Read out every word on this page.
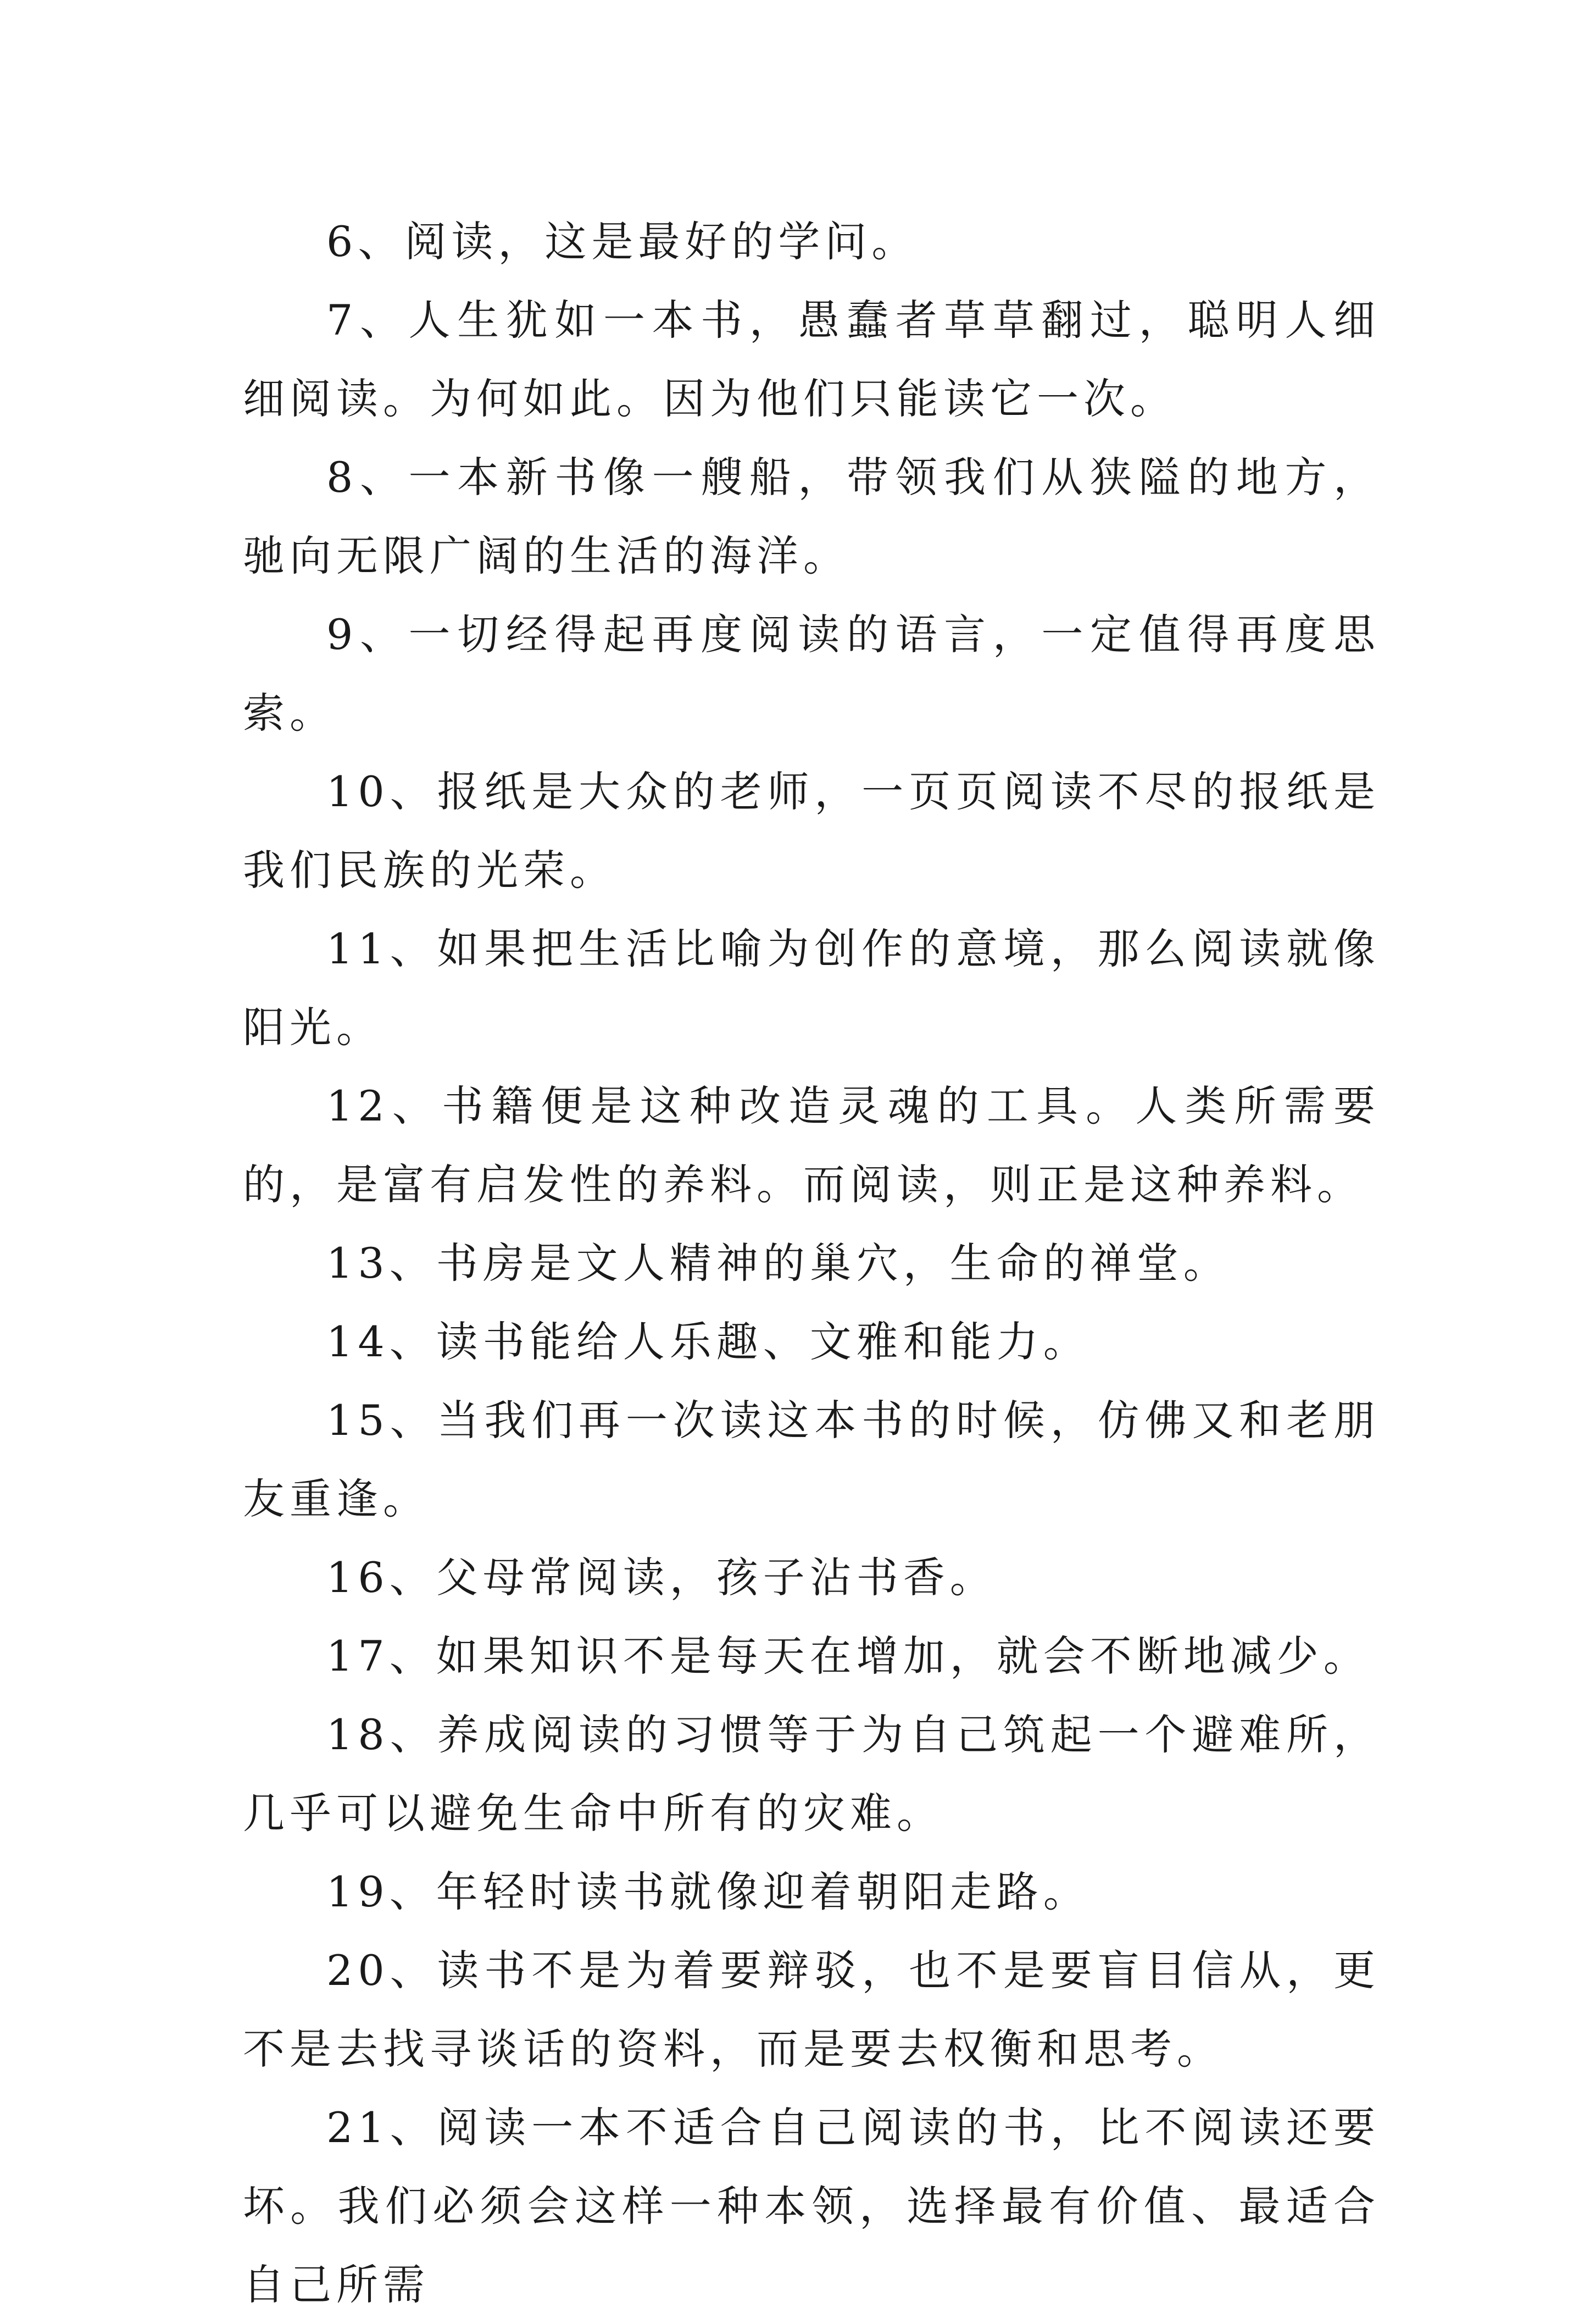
6、阅读，这是最好的学问。

7、人生犹如一本书，愚蠢者草草翻过，聪明人细细阅读。为何如此。因为他们只能读它一次。

8、一本新书像一艘船，带领我们从狭隘的地方，驰向无限广阔的生活的海洋。

9、一切经得起再度阅读的语言，一定值得再度思索。

10、报纸是大众的老师，一页页阅读不尽的报纸是我们民族的光荣。

11、如果把生活比喻为创作的意境，那么阅读就像阳光。

12、书籍便是这种改造灵魂的工具。人类所需要的，是富有启发性的养料。而阅读，则正是这种养料。

13、书房是文人精神的巢穴，生命的禅堂。

14、读书能给人乐趣、文雅和能力。

15、当我们再一次读这本书的时候，仿佛又和老朋友重逢。

16、父母常阅读，孩子沾书香。

17、如果知识不是每天在增加，就会不断地减少。

18、养成阅读的习惯等于为自己筑起一个避难所，几乎可以避免生命中所有的灾难。

19、年轻时读书就像迎着朝阳走路。

20、读书不是为着要辩驳，也不是要盲目信从，更不是去找寻谈话的资料，而是要去权衡和思考。

21、阅读一本不适合自己阅读的书，比不阅读还要坏。我们必须会这样一种本领，选择最有价值、最适合自己所需
